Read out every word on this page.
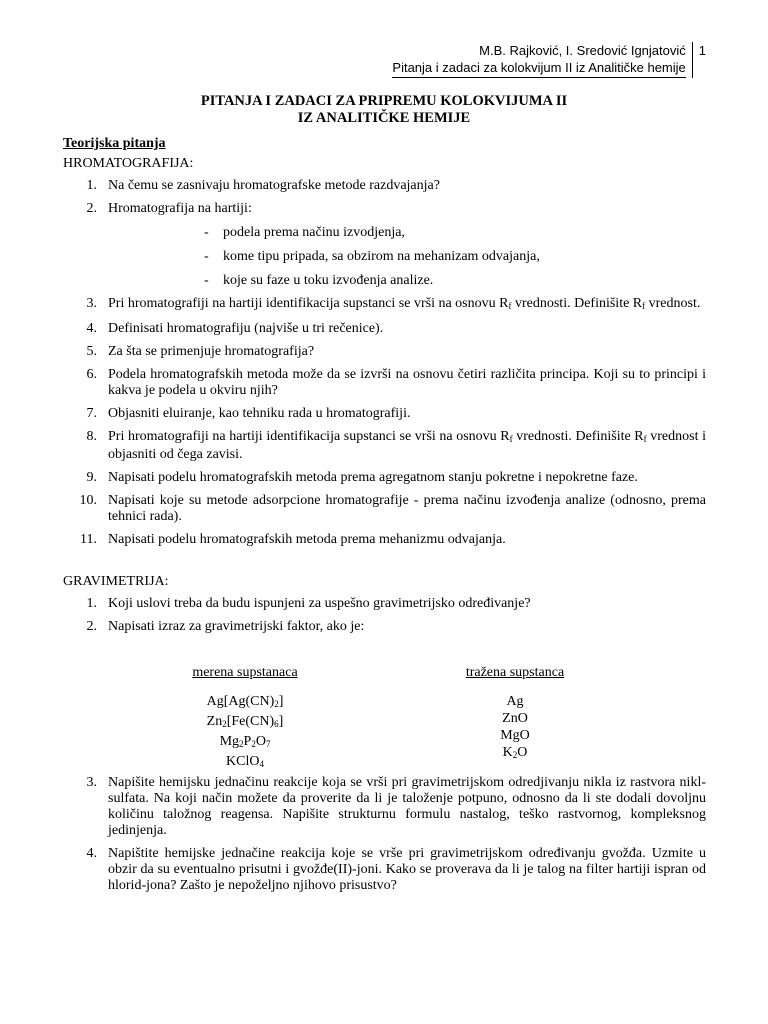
M.B. Rajković, I. Sredović Ignjatović
Pitanja i zadaci za kolokvijum II iz Analitičke hemije
1
PITANJA I ZADACI ZA PRIPREMU KOLOKVIJUMA II
IZ ANALITIČKE HEMIJE
Teorijska pitanja
HROMATOGRAFIJA:
1. Na čemu se zasnivaju hromatografske metode razdvajanja?
2. Hromatografija na hartiji:
- podela prema načinu izvodjenja,
- kome tipu pripada, sa obzirom na mehanizam odvajanja,
- koje su faze u toku izvođenja analize.
3. Pri hromatografiji na hartiji identifikacija supstanci se vrši na osnovu $R_f$ vrednosti. Definišite $R_f$ vrednost.
4. Definisati hromatografiju (najviše u tri rečenice).
5. Za šta se primenjuje hromatografija?
6. Podela hromatografskih metoda može da se izvrši na osnovu četiri različita principa. Koji su to principi i kakva je podela u okviru njih?
7. Objasniti eluiranje, kao tehniku rada u hromatografiji.
8. Pri hromatografiji na hartiji identifikacija supstanci se vrši na osnovu $R_f$ vrednosti. Definišite $R_f$ vrednost i objasniti od čega zavisi.
9. Napisati podelu hromatografskih metoda prema agregatnom stanju pokretne i nepokretne faze.
10. Napisati koje su metode adsorpcione hromatografije - prema načinu izvođenja analize (odnosno, prema tehnici rada).
11. Napisati podelu hromatografskih metoda prema mehanizmu odvajanja.
GRAVIMETRIJA:
1. Koji uslovi treba da budu ispunjeni za uspešno gravimetrijsko određivanje?
2. Napisati izraz za gravimetrijski faktor, ako je:
merena supstanaca
$Ag[Ag(CN)_2]$
$Zn_2[Fe(CN)_6]$
$Mg_2P_2O_7$
KClO$_4$
tražena supstanca
Ag
ZnO
MgO
$K_2O$
3. Napišite hemijsku jednačinu reakcije koja se vrši pri gravimetrijskom odredjivanju nikla iz rastvora nikl-sulfata. Na koji način možete da proverite da li je taloženje potpuno, odnosno da li ste dodali dovoljnu količinu taložnog reagensa. Napišite strukturnu formulu nastalog, teško rastvornog, kompleksnog jedinjenja.
4. Napištite hemijske jednačine reakcija koje se vrše pri gravimetrijskom određivanju gvožđa. Uzmite u obzir da su eventualno prisutni i gvožđe(II)-joni. Kako se proverava da li je talog na filter hartiji ispran od hlorid-jona? Zašto je nepoželjno njihovo prisustvo?
